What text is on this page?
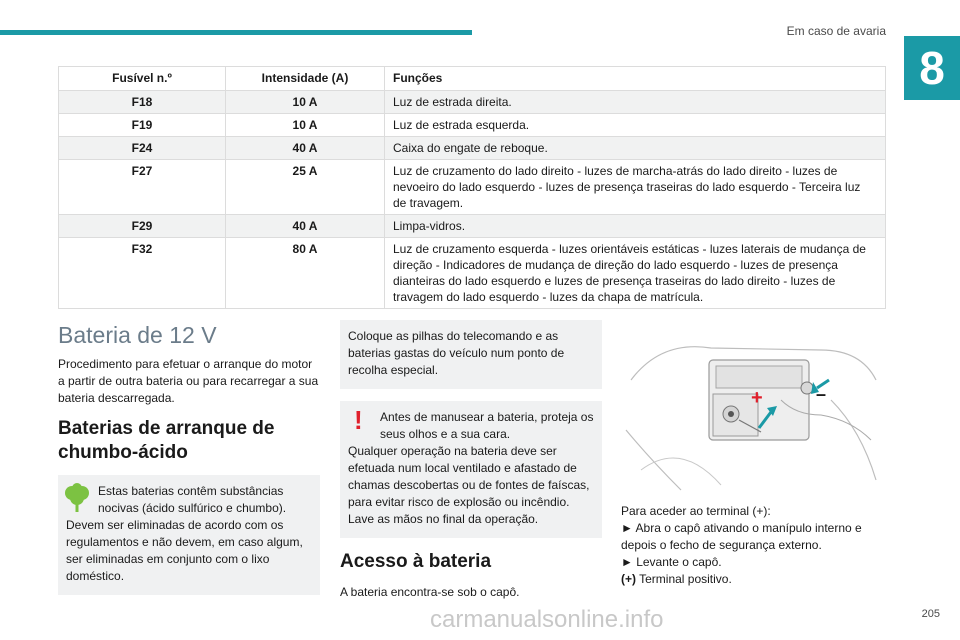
Em caso de avaria
8
Fusível n.º	Intensidade (A)	Funções
F18	10 A	Luz de estrada direita.
F19	10 A	Luz de estrada esquerda.
F24	40 A	Caixa do engate de reboque.
F27	25 A	Luz de cruzamento do lado direito - luzes de marcha-atrás do lado direito - luzes de nevoeiro do lado esquerdo - luzes de presença traseiras do lado esquerdo - Terceira luz de travagem.
F29	40 A	Limpa-vidros.
F32	80 A	Luz de cruzamento esquerda - luzes orientáveis estáticas - luzes laterais de mudança de direção - Indicadores de mudança de direção do lado esquerdo - luzes de presença dianteiras do lado esquerdo e luzes de presença traseiras do lado direito - luzes de travagem do lado esquerdo - luzes da chapa de matrícula.
Bateria de 12 V

Procedimento para efetuar o arranque do motor a partir de outra bateria ou para recarregar a sua bateria descarregada.

Baterias de arranque de chumbo-ácido
Estas baterias contêm substâncias nocivas (ácido sulfúrico e chumbo).

Devem ser eliminadas de acordo com os regulamentos e não devem, em caso algum, ser eliminadas em conjunto com o lixo doméstico.

Coloque as pilhas do telecomando e as baterias gastas do veículo num ponto de recolha especial.

!	Antes de manusear a bateria, proteja os seus olhos e a sua cara.

Qualquer operação na bateria deve ser efetuada num local ventilado e afastado de chamas descobertas ou de fontes de faíscas, para evitar risco de explosão ou incêndio.

Lave as mãos no final da operação.

Acesso à bateria

A bateria encontra-se sob o capô.

+	–

Para aceder ao terminal (+):

► Abra o capô ativando o manípulo interno e depois o fecho de segurança externo.

► Levante o capô.

(+) Terminal positivo.

carmanualsonline.info	205
